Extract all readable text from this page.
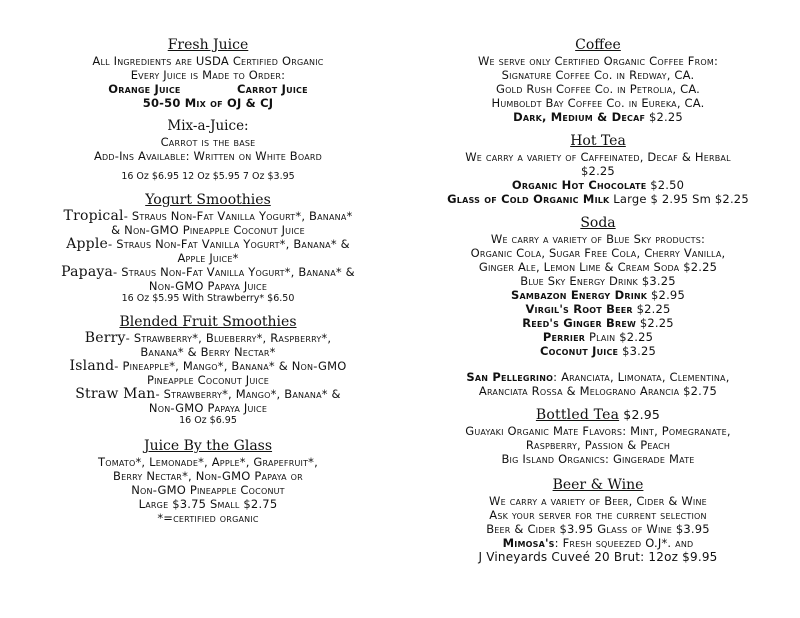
Fresh Juice
All Ingredients are USDA Certified Organic
Every Juice is Made to Order:
Orange Juice	Carrot Juice
50-50 Mix of OJ & CJ
Mix-a-Juice:
Carrot is the base
Add-Ins Available: Written on White Board
16 Oz $6.95 12 Oz $5.95 7 Oz $3.95
Yogurt Smoothies
Tropical- Straus Non-Fat Vanilla Yogurt*, Banana*
& Non-GMO Pineapple Coconut Juice
Apple- Straus Non-Fat Vanilla Yogurt*, Banana* &
Apple Juice*
Papaya- Straus Non-Fat Vanilla Yogurt*, Banana* &
Non-GMO Papaya Juice
16 Oz $5.95 With Strawberry* $6.50
Blended Fruit Smoothies
Berry- Strawberry*, Blueberry*, Raspberry*,
Banana* & Berry Nectar*
Island- Pineapple*, Mango*, Banana* & Non-GMO
Pineapple Coconut Juice
Straw Man- Strawberry*, Mango*, Banana* &
Non-GMO Papaya Juice
16 Oz $6.95
Juice By the Glass
Tomato*, Lemonade*, Apple*, Grapefruit*,
Berry Nectar*, Non-GMO Papaya or
Non-GMO Pineapple Coconut
Large $3.75 Small $2.75
*=certified organic
Coffee
We serve only Certified Organic Coffee From:
Signature Coffee Co. in Redway, CA.
Gold Rush Coffee Co. in Petrolia, CA.
Humboldt Bay Coffee Co. in Eureka, CA.
Dark, Medium & Decaf $2.25
Hot Tea
We carry a variety of Caffeinated, Decaf & Herbal
$2.25
Organic Hot Chocolate $2.50
Glass of Cold Organic Milk Large $ 2.95 Sm $2.25
Soda
We carry a variety of Blue Sky products:
Organic Cola, Sugar Free Cola, Cherry Vanilla,
Ginger Ale, Lemon Lime & Cream Soda $2.25
Blue Sky Energy Drink $3.25
Sambazon Energy Drink $2.95
Virgil's Root Beer $2.25
Reed's Ginger Brew $2.25
Perrier Plain $2.25
Coconut Juice $3.25
San Pellegrino: Aranciata, Limonata, Clementina,
Aranciata Rossa & Melograno Arancia $2.75
Bottled Tea $2.95
Guayaki Organic Mate Flavors: Mint, Pomegranate,
Raspberry, Passion & Peach
Big Island Organics: Gingerade Mate
Beer & Wine
We carry a variety of Beer, Cider & Wine
Ask your server for the current selection
Beer & Cider $3.95 Glass of Wine $3.95
Mimosa's: Fresh squeezed O.J*. and
J Vineyards Cuveé 20 Brut: 12oz $9.95
